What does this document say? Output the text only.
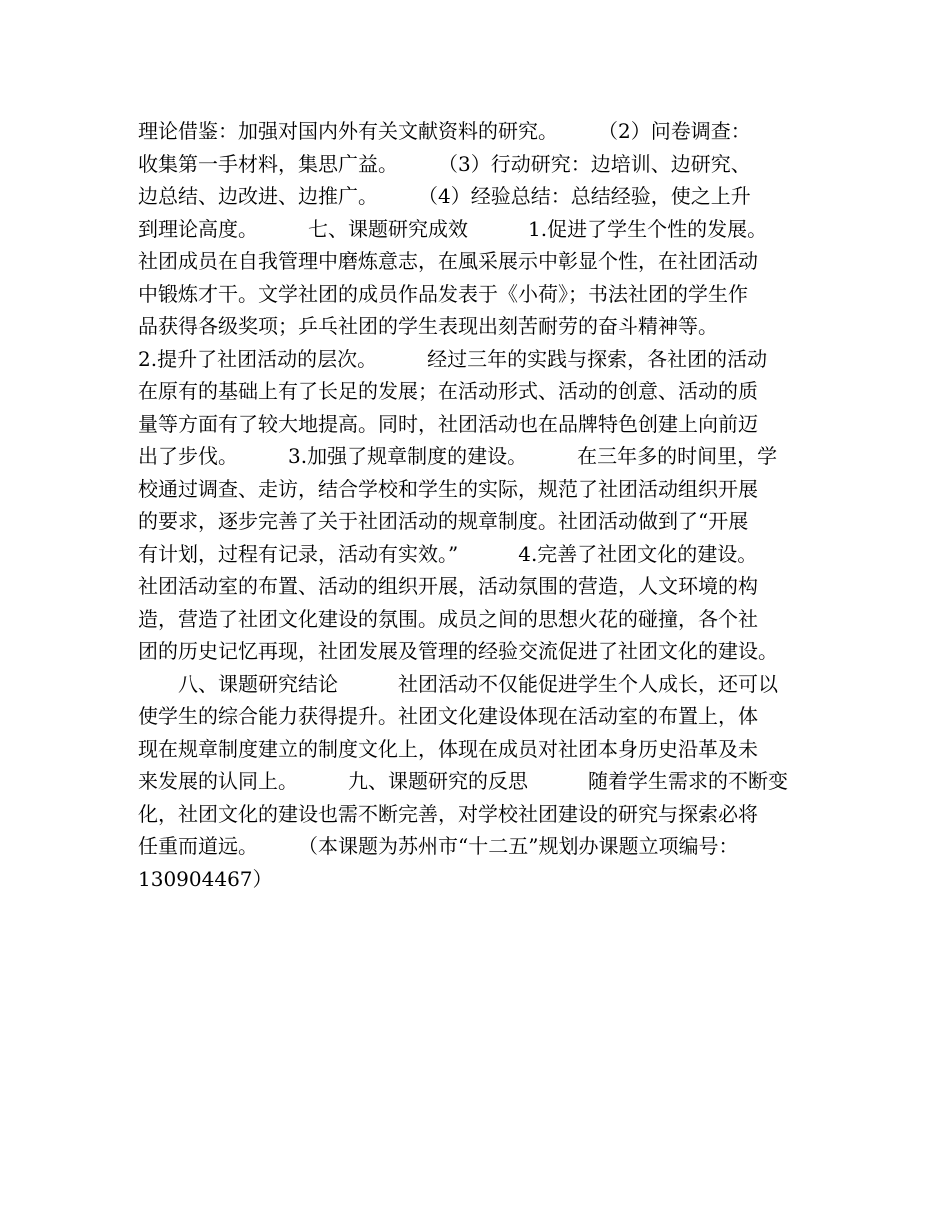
理论借鉴：加强对国内外有关文献资料的研究。　　　（2）问卷调查：
收集第一手材料，集思广益。　　　（3）行动研究：边培训、边研究、
边总结、边改进、边推广。　　　（4）经验总结：总结经验，使之上升
到理论高度。　　　七、课题研究成效　　　1.促进了学生个性的发展。
社团成员在自我管理中磨炼意志，在風采展示中彰显个性，在社团活动
中锻炼才干。文学社团的成员作品发表于《小荷》；书法社团的学生作
品获得各级奖项；乒乓社团的学生表现出刻苦耐劳的奋斗精神等。
2.提升了社团活动的层次。　　　经过三年的实践与探索，各社团的活动
在原有的基础上有了长足的发展；在活动形式、活动的创意、活动的质
量等方面有了较大地提高。同时，社团活动也在品牌特色创建上向前迈
出了步伐。　　　3.加强了规章制度的建设。　　　在三年多的时间里，学
校通过调查、走访，结合学校和学生的实际，规范了社团活动组织开展
的要求，逐步完善了关于社团活动的规章制度。社团活动做到了“开展
有计划，过程有记录，活动有实效。”　　　4.完善了社团文化的建设。
社团活动室的布置、活动的组织开展，活动氛围的营造，人文环境的构
造，营造了社团文化建设的氛围。成员之间的思想火花的碰撞，各个社
团的历史记忆再现，社团发展及管理的经验交流促进了社团文化的建设。
　　八、课题研究结论　　　社团活动不仅能促进学生个人成长，还可以
使学生的综合能力获得提升。社团文化建设体现在活动室的布置上，体
现在规章制度建立的制度文化上，体现在成员对社团本身历史沿革及未
来发展的认同上。　　　九、课题研究的反思　　　随着学生需求的不断变
化，社团文化的建设也需不断完善，对学校社团建设的研究与探索必将
任重而道远。　　　（本课题为苏州市“十二五”规划办课题立项编号：
130904467）
